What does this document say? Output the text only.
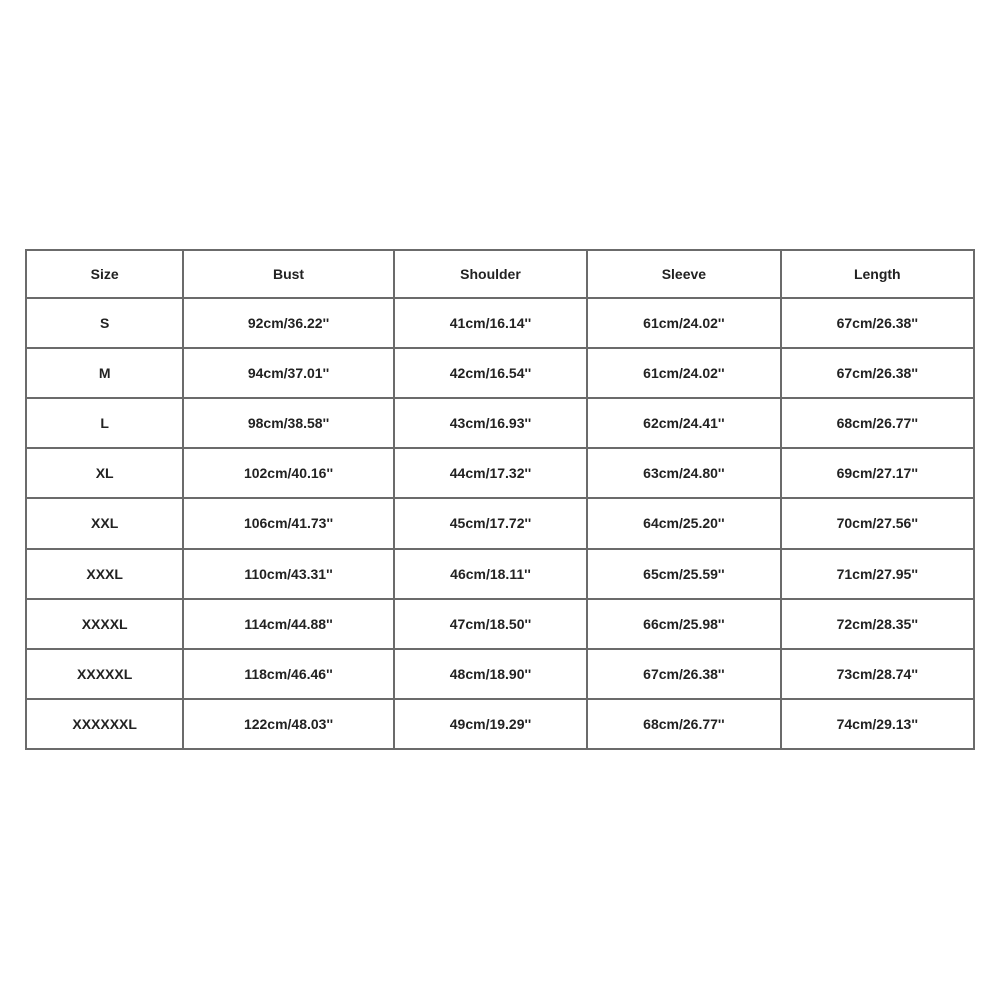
Size	Bust	Shoulder	Sleeve	Length
S	92cm/36.22''	41cm/16.14''	61cm/24.02''	67cm/26.38''
M	94cm/37.01''	42cm/16.54''	61cm/24.02''	67cm/26.38''
L	98cm/38.58''	43cm/16.93''	62cm/24.41''	68cm/26.77''
XL	102cm/40.16''	44cm/17.32''	63cm/24.80''	69cm/27.17''
XXL	106cm/41.73''	45cm/17.72''	64cm/25.20''	70cm/27.56''
XXXL	110cm/43.31''	46cm/18.11''	65cm/25.59''	71cm/27.95''
XXXXL	114cm/44.88''	47cm/18.50''	66cm/25.98''	72cm/28.35''
XXXXXL	118cm/46.46''	48cm/18.90''	67cm/26.38''	73cm/28.74''
XXXXXXL	122cm/48.03''	49cm/19.29''	68cm/26.77''	74cm/29.13''
